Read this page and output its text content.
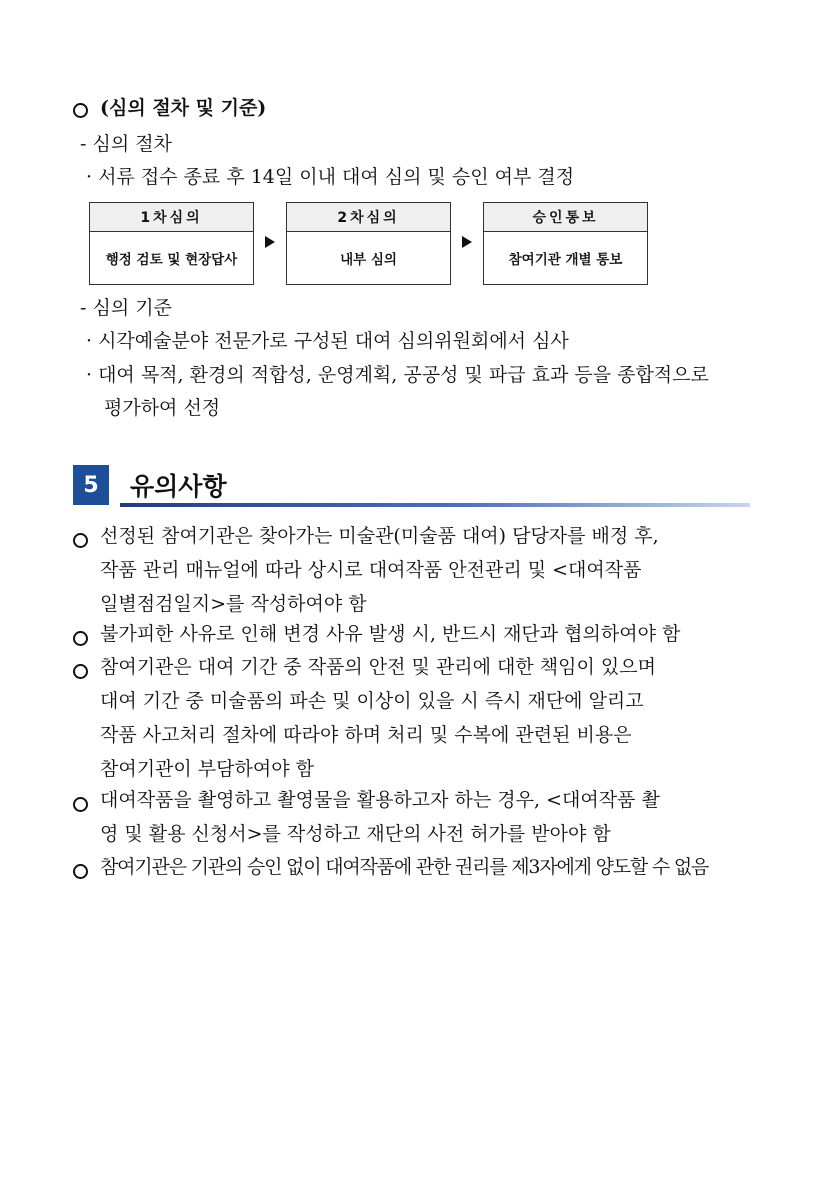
(심의 절차 및 기준)
- 심의 절차
· 서류 접수 종료 후 14일 이내 대여 심의 및 승인 여부 결정
1차심의
행정 검토 및 현장답사
2차심의
내부 심의
승인통보
참여기관 개별 통보
- 심의 기준
· 시각예술분야 전문가로 구성된 대여 심의위원회에서 심사
· 대여 목적, 환경의 적합성, 운영계획, 공공성 및 파급 효과 등을 종합적으로
평가하여 선정
5	유의사항
선정된 참여기관은 찾아가는 미술관(미술품 대여) 담당자를 배정 후,
작품 관리 매뉴얼에 따라 상시로 대여작품 안전관리 및 <대여작품
일별점검일지>를 작성하여야 함
불가피한 사유로 인해 변경 사유 발생 시, 반드시 재단과 협의하여야 함
참여기관은 대여 기간 중 작품의 안전 및 관리에 대한 책임이 있으며
대여 기간 중 미술품의 파손 및 이상이 있을 시 즉시 재단에 알리고
작품 사고처리 절차에 따라야 하며 처리 및 수복에 관련된 비용은
참여기관이 부담하여야 함
대여작품을 촬영하고 촬영물을 활용하고자 하는 경우, <대여작품 촬
영 및 활용 신청서>를 작성하고 재단의 사전 허가를 받아야 함
참여기관은 기관의 승인 없이 대여작품에 관한 권리를 제3자에게 양도할 수 없음
